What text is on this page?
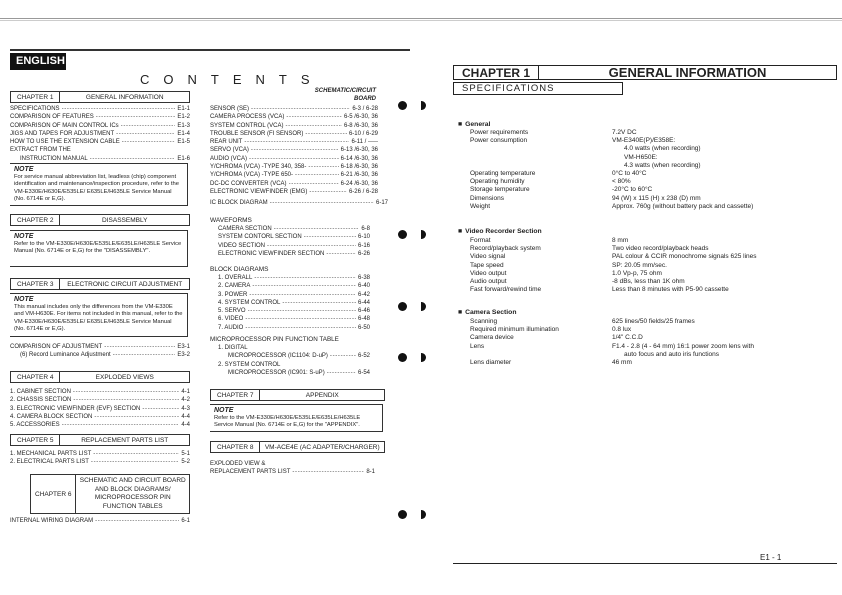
ENGLISH
CONTENTS
CHAPTER 1	GENERAL INFORMATION
SPECIFICATIONS - - -	E1-1
COMPARISON OF FEATURES - - -	E1-2
COMPARISON OF MAIN CONTROL ICs - - -	E1-3
JIGS AND TAPES FOR ADJUSTMENT - - -	E1-4
HOW TO USE THE EXTENSION CABLE - - -	E1-5
EXTRACT FROM THE
INSTRUCTION MANUAL - - -	E1-6
NOTE
For service manual abbreviation list, leadless (chip) component identification and maintenance/inspection procedure, refer to the VM-E330E/H630E/E535LE/ E635LE/H635LE Service Manual (No. 6714E or E,G).
CHAPTER 2	DISASSEMBLY
NOTE
Refer to the VM-E330E/H630E/E535LE/E635LE/H635LE Service Manual (No. 6714E or E,G) for the "DISASSEMBLY".
CHAPTER 3	ELECTRONIC CIRCUIT ADJUSTMENT
NOTE
This manual includes only the differences from the VM-E330E and VM-H630E. For items not included in this manual, refer to the VM-E330E/H630E/E535LE/ E635LE/H635LE Service Manual (No. 6714E or E,G).
COMPARISON OF ADJUSTMENT - - -	E3-1
(6) Record Luminance Adjustment - - -	E3-2
CHAPTER 4	EXPLODED VIEWS
1. CABINET SECTION - - -	4-1
2. CHASSIS SECTION - - -	4-2
3. ELECTRONIC VIEWFINDER (EVF) SECTION - - -	4-3
4. CAMERA BLOCK SECTION - - -	4-4
5. ACCESSORIES - - -	4-4
CHAPTER 5	REPLACEMENT PARTS LIST
1. MECHANICAL PARTS LIST - - -	5-1
2. ELECTRICAL PARTS LIST - - -	5-2
CHAPTER 6
SCHEMATIC AND CIRCUIT BOARD
AND BLOCK DIAGRAMS/
MICROPROCESSOR PIN
FUNCTION TABLES
INTERNAL WIRING DIAGRAM - - -	6-1
SCHEMATIC/CIRCUIT
BOARD
SENSOR (SE) - - -	6-3 / 6-28
CAMERA PROCESS (VCA) - - -	6-5 /6-30, 36
SYSTEM CONTROL (VCA) - - -	6-8 /6-30, 36
TROUBLE SENSOR (FI SENSOR) - - -	6-10 / 6-29
REAR UNIT - - -	6-11 / -----
SERVO (VCA) - - -	6-13 /6-30, 36
AUDIO (VCA) - - -	6-14 /6-30, 36
Y/CHROMA (VCA) -TYPE 340, 358- - - -	6-18 /6-30, 36
Y/CHROMA (VCA) -TYPE 650- - - -	6-21 /6-30, 36
DC-DC CONVERTER (VCA) - - -	6-24 /6-30, 36
ELECTRONIC VIEWFINDER (EMG) - - -	6-26 / 6-28
IC BLOCK DIAGRAM - - -	6-17
WAVEFORMS
CAMERA SECTION - - -	6-8
SYSTEM CONTORL SECTION - - -	6-10
VIDEO SECTION - - -	6-16
ELECTRONIC VIEWFINDER SECTION - - -	6-26
BLOCK DIAGRAMS
1. OVERALL - - -	6-38
2. CAMERA - - -	6-40
3. POWER - - -	6-42
4. SYSTEM CONTROL - - -	6-44
5. SERVO - - -	6-46
6. VIDEO - - -	6-48
7. AUDIO - - -	6-50
MICROPROCESSOR PIN FUNCTION TABLE
1. DIGITAL
MICROPROCESSOR (IC1104: D-uP) - - -	6-52
2. SYSTEM CONTROL
MICROPROCESSOR (IC901: S-uP) - - -	6-54
CHAPTER 7	APPENDIX
NOTE
Refer to the VM-E330E/H630E/E535LE/E635LE/H635LE Service Manual (No. 6714E or E,G) for the "APPENDIX".
CHAPTER 8	VM-ACE4E (AC ADAPTER/CHARGER)
EXPLODED VIEW &
REPLACEMENT PARTS LIST - - -	8-1
CHAPTER 1	GENERAL INFORMATION
SPECIFICATIONS
■ General
Power requirements	7.2V DC
Power consumption	VM-E340E(P)/E358E:
4.0 watts (when recording)
VM-H650E:
4.3 watts (when recording)
Operating temperature	0°C to 40°C
Operating humidity	< 80%
Storage temperature	-20°C to 60°C
Dimensions	94 (W) x 115 (H) x 238 (D) mm
Weight	Approx. 760g (without battery pack and cassette)
■ Video Recorder Section
Format	8 mm
Record/playback system	Two video record/playback heads
Video signal	PAL colour & CCIR monochrome signals 625 lines
Tape speed	SP: 20.05 mm/sec.
Video output	1.0 Vp-p, 75 ohm
Audio output	-8 dBs, less than 1K ohm
Fast forward/rewind time	Less than 8 minutes with P5-90 cassette
■ Camera Section
Scanning	625 lines/50 fields/25 frames
Required minimum illumination	0.8 lux
Camera device	1/4" C.C.D
Lens	F1.4 - 2.8 (4 - 64 mm) 16:1 power zoom lens with
auto focus and auto iris functions
Lens diameter	46 mm
E1 - 1
